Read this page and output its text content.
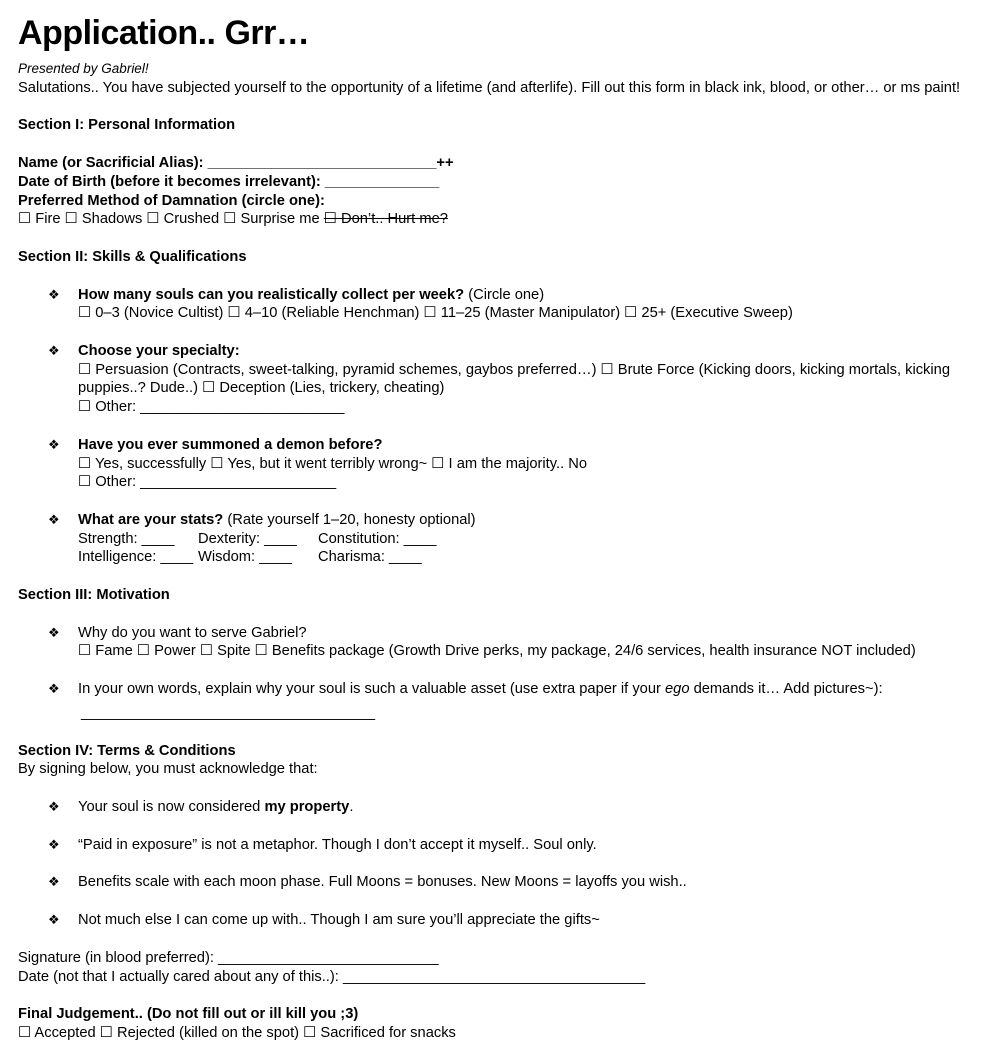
Application.. Grr…
Presented by Gabriel!
Salutations.. You have subjected yourself to the opportunity of a lifetime (and afterlife). Fill out this form in black ink, blood, or other… or ms paint!
Section I: Personal Information
Name (or Sacrificial Alias): ____________________________++
Date of Birth (before it becomes irrelevant): ______________
Preferred Method of Damnation (circle one):
☐ Fire ☐ Shadows ☐ Crushed ☐ Surprise me ☐ Don’t.. Hurt me?
Section II: Skills & Qualifications
❖ How many souls can you realistically collect per week? (Circle one)
☐ 0–3 (Novice Cultist) ☐ 4–10 (Reliable Henchman) ☐ 11–25 (Master Manipulator) ☐ 25+ (Executive Sweep)
❖ Choose your specialty:
☐ Persuasion (Contracts, sweet-talking, pyramid schemes, gaybos preferred…) ☐ Brute Force (Kicking doors, kicking mortals, kicking puppies..? Dude..) ☐ Deception (Lies, trickery, cheating)
☐ Other: _________________________
❖ Have you ever summoned a demon before?
☐ Yes, successfully ☐ Yes, but it went terribly wrong~ ☐ I am the majority.. No
☐ Other: ________________________
❖ What are your stats? (Rate yourself 1–20, honesty optional)
Strength: ____ Dexterity: ____ Constitution: ____
Intelligence: ____ Wisdom: ____ Charisma: ____
Section III: Motivation
❖ Why do you want to serve Gabriel?
☐ Fame ☐ Power ☐ Spite ☐ Benefits package (Growth Drive perks, my package, 24/6 services, health insurance NOT included)
❖ In your own words, explain why your soul is such a valuable asset (use extra paper if your ego demands it… Add pictures~):
____________________________________
Section IV: Terms & Conditions
By signing below, you must acknowledge that:
❖ Your soul is now considered my property.
❖ “Paid in exposure” is not a metaphor. Though I don’t accept it myself.. Soul only.
❖ Benefits scale with each moon phase. Full Moons = bonuses. New Moons = layoffs you wish..
❖ Not much else I can come up with.. Though I am sure you’ll appreciate the gifts~
Signature (in blood preferred): ___________________________
Date (not that I actually cared about any of this..): _____________________________________
Final Judgement.. (Do not fill out or ill kill you ;3)
☐ Accepted ☐ Rejected (killed on the spot) ☐ Sacrificed for snacks
